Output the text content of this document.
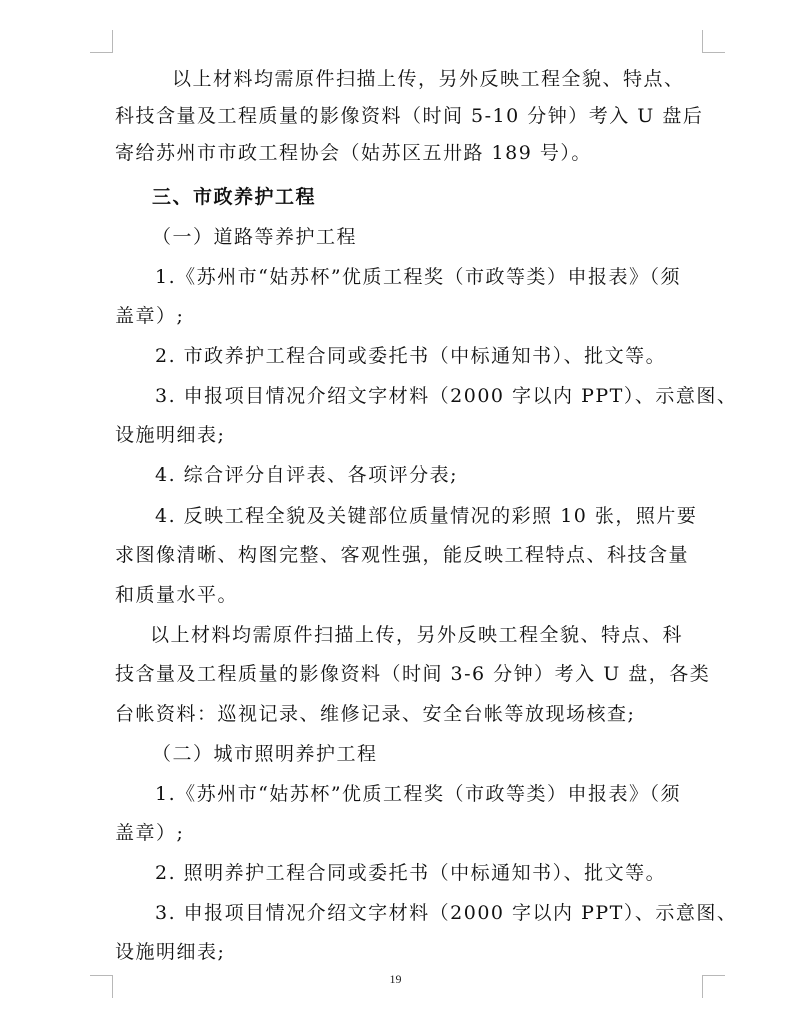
以上材料均需原件扫描上传，另外反映工程全貌、特点、
科技含量及工程质量的影像资料（时间 5-10 分钟）考入 U 盘后
寄给苏州市市政工程协会（姑苏区五卅路 189 号）。
三、市政养护工程
（一）道路等养护工程
1.《苏州市“姑苏杯”优质工程奖（市政等类）申报表》（须
盖章）;
2. 市政养护工程合同或委托书（中标通知书）、批文等。
3. 申报项目情况介绍文字材料（2000 字以内 PPT）、示意图、
设施明细表;
4. 综合评分自评表、各项评分表;
4. 反映工程全貌及关键部位质量情况的彩照 10 张，照片要
求图像清晰、构图完整、客观性强，能反映工程特点、科技含量
和质量水平。
以上材料均需原件扫描上传，另外反映工程全貌、特点、科
技含量及工程质量的影像资料（时间 3-6 分钟）考入 U 盘，各类
台帐资料：巡视记录、维修记录、安全台帐等放现场核查;
（二）城市照明养护工程
1.《苏州市“姑苏杯”优质工程奖（市政等类）申报表》（须
盖章）;
2. 照明养护工程合同或委托书（中标通知书）、批文等。
3. 申报项目情况介绍文字材料（2000 字以内 PPT）、示意图、
设施明细表;
19
